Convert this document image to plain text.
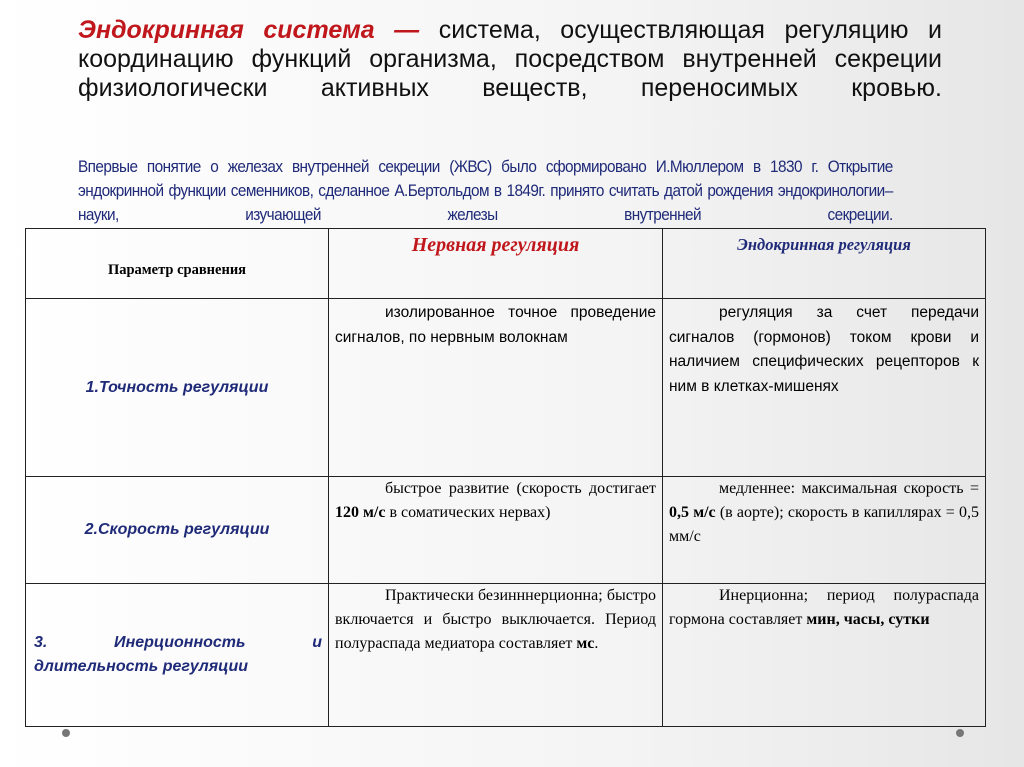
Эндокринная система — система, осуществляющая регуляцию и координацию функций организма, посредством внутренней секреции физиологически активных веществ, переносимых кровью.
Впервые понятие о железах внутренней секреции (ЖВС) было сформировано И.Мюллером в 1830 г. Открытие эндокринной функции семенников, сделанное А.Бертольдом в 1849г. принято считать датой рождения эндокринологии– науки, изучающей железы внутренней секреции.
Параметр сравнения	Нервная регуляция	Эндокринная регуляция
1.Точность регуляции	изолированное точное проведение сигналов, по нервным волокнам	регуляция за счет передачи сигналов (гормонов) током крови и наличием специфических рецепторов к ним в клетках-мишенях
2.Скорость регуляции	быстрое развитие (скорость достигает 120 м/с в соматических нервах)	медленнее: максимальная скорость = 0,5 м/с (в аорте); скорость в капиллярах = 0,5 мм/с
3. Инерционность и длительность регуляции	Практически безинннерционна; быстро включается и быстро выключается. Период полураспада медиатора составляет мс.	Инерционна; период полураспада гормона составляет мин, часы, сутки
